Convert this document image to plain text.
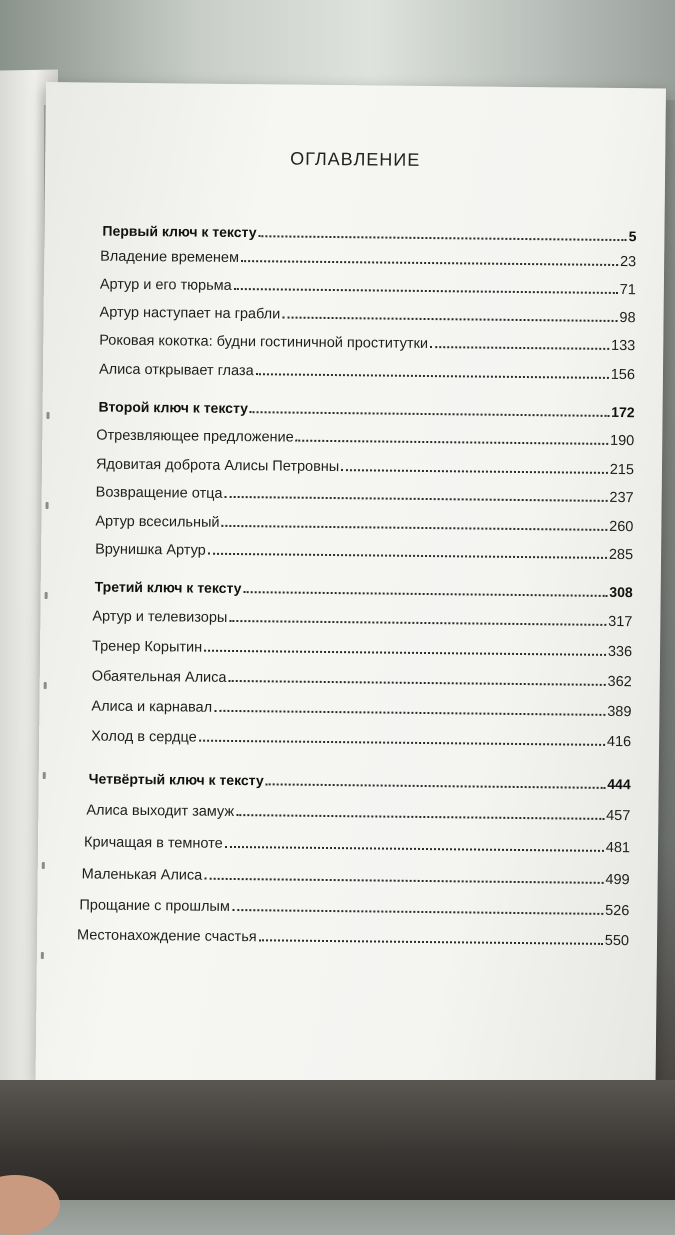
ОГЛАВЛЕНИЕ
Первый ключ к тексту	5
Владение временем	23
Артур и его тюрьма	71
Артур наступает на грабли	98
Роковая кокотка: будни гостиничной проститутки	133
Алиса открывает глаза	156
Второй ключ к тексту	172
Отрезвляющее предложение	190
Ядовитая доброта Алисы Петровны	215
Возвращение отца	237
Артур всесильный	260
Врунишка Артур	285
Третий ключ к тексту	308
Артур и телевизоры	317
Тренер Корытин	336
Обаятельная Алиса	362
Алиса и карнавал	389
Холод в сердце	416
Четвёртый ключ к тексту	444
Алиса выходит замуж	457
Кричащая в темноте	481
Маленькая Алиса	499
Прощание с прошлым	526
Местонахождение счастья	550
